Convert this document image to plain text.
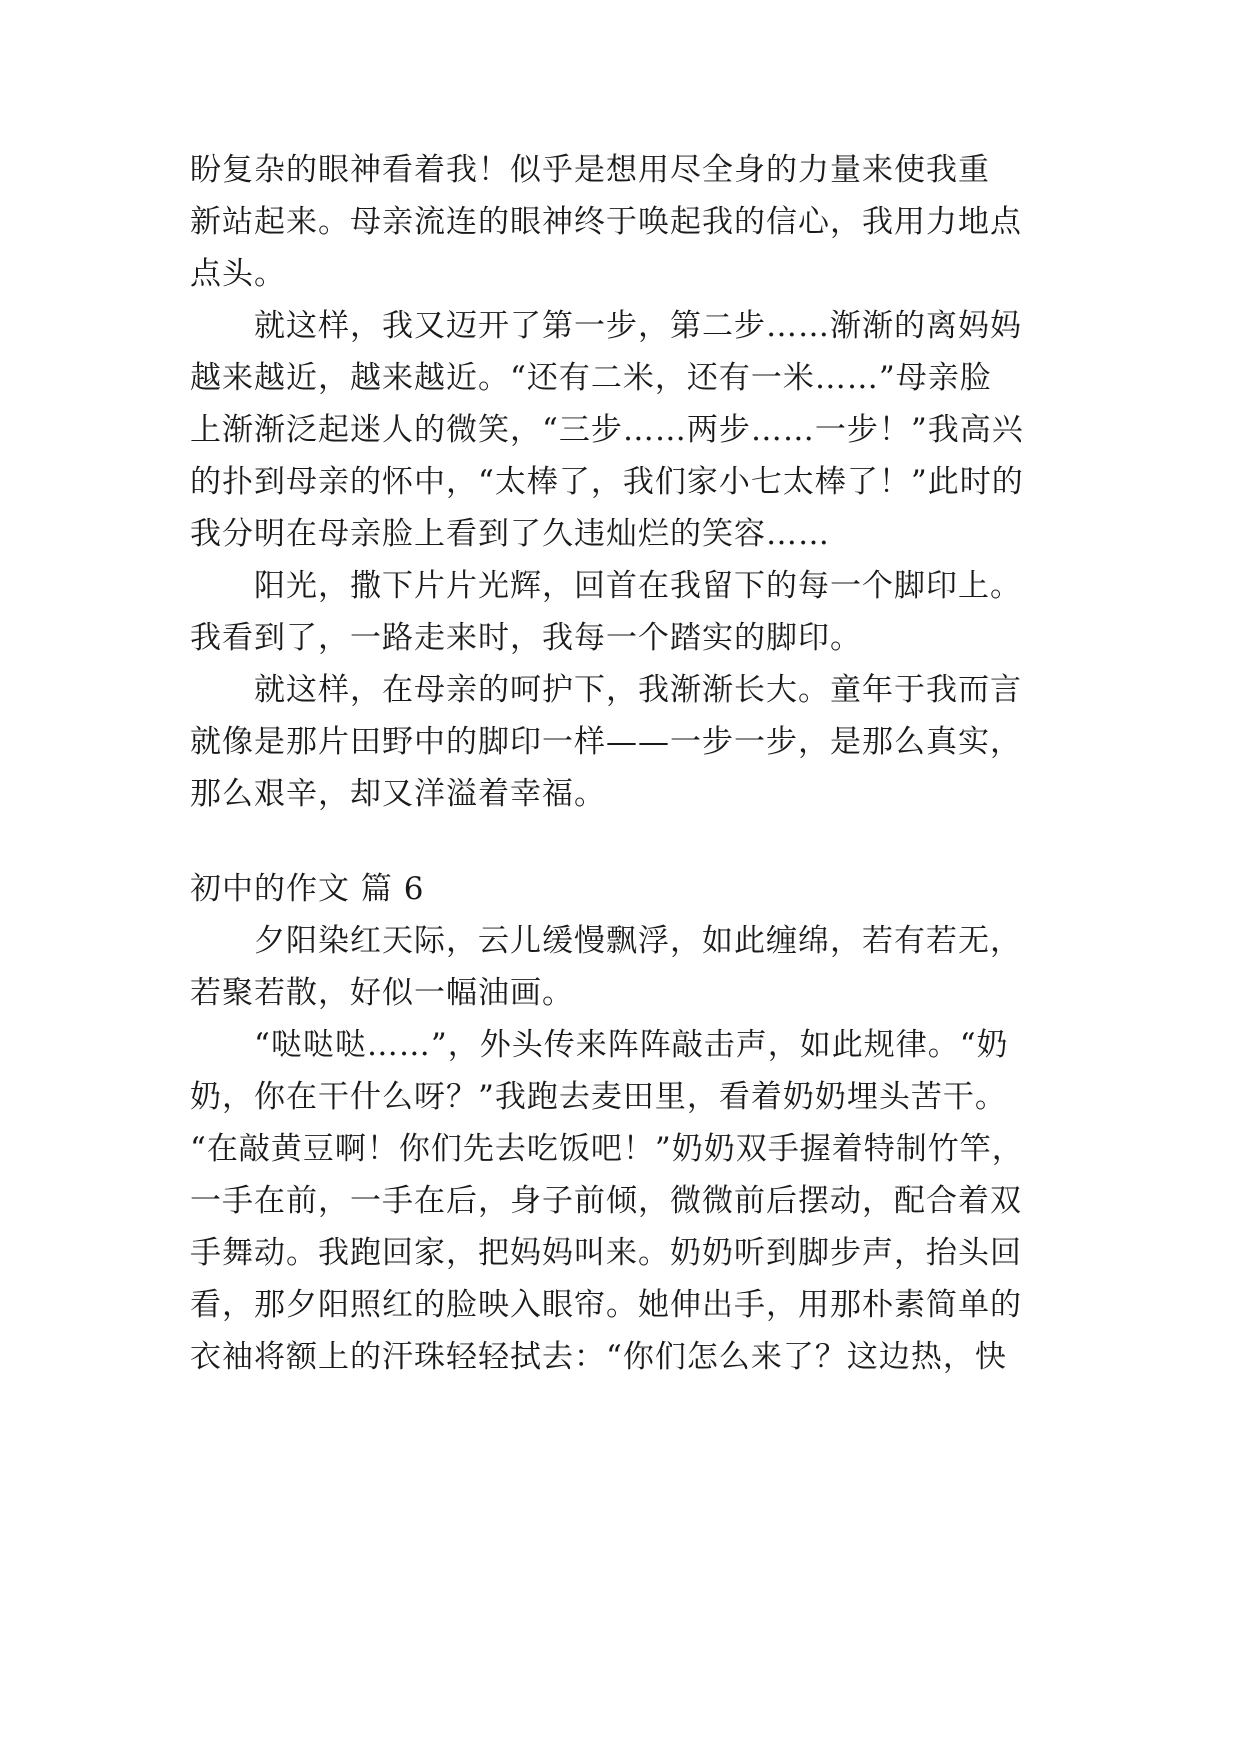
盼复杂的眼神看着我！似乎是想用尽全身的力量来使我重
新站起来。母亲流连的眼神终于唤起我的信心，我用力地点
点头。
就这样，我又迈开了第一步，第二步……渐渐的离妈妈
越来越近，越来越近。“还有二米，还有一米……”母亲脸
上渐渐泛起迷人的微笑，“三步……两步……一步！”我高兴
的扑到母亲的怀中，“太棒了，我们家小七太棒了！”此时的
我分明在母亲脸上看到了久违灿烂的笑容……
阳光，撒下片片光辉，回首在我留下的每一个脚印上。
我看到了，一路走来时，我每一个踏实的脚印。
就这样，在母亲的呵护下，我渐渐长大。童年于我而言
就像是那片田野中的脚印一样——一步一步，是那么真实，
那么艰辛，却又洋溢着幸福。
初中的作文 篇 6
夕阳染红天际，云儿缓慢飘浮，如此缠绵，若有若无，
若聚若散，好似一幅油画。
“哒哒哒……”，外头传来阵阵敲击声，如此规律。“奶
奶，你在干什么呀？”我跑去麦田里，看着奶奶埋头苦干。
“在敲黄豆啊！你们先去吃饭吧！”奶奶双手握着特制竹竿，
一手在前，一手在后，身子前倾，微微前后摆动，配合着双
手舞动。我跑回家，把妈妈叫来。奶奶听到脚步声，抬头回
看，那夕阳照红的脸映入眼帘。她伸出手，用那朴素简单的
衣袖将额上的汗珠轻轻拭去：“你们怎么来了？这边热，快
